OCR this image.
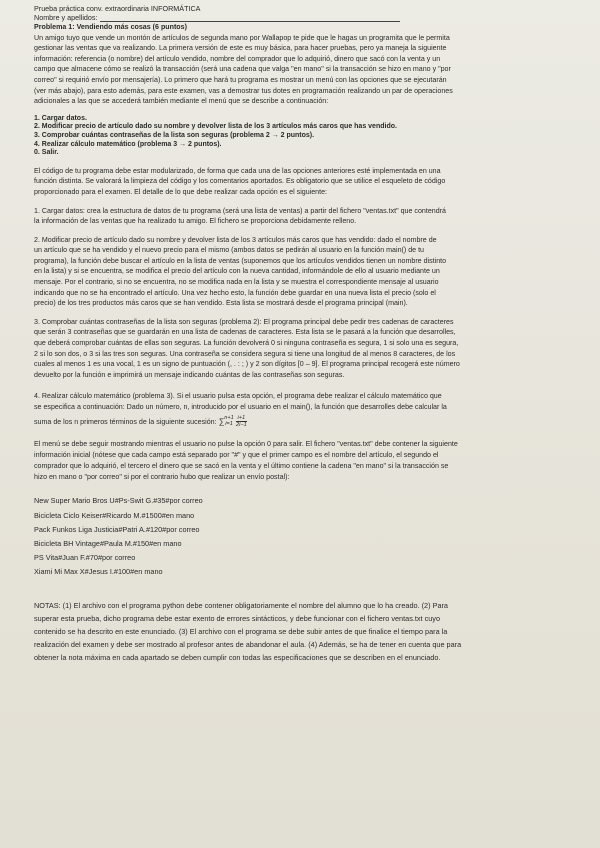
Prueba práctica conv. extraordinaria INFORMÁTICA

Nombre y apellidos:

Problema 1: Vendiendo más cosas (6 puntos)

Un amigo tuyo que vende un montón de artículos de segunda mano por Wallapop te pide que le hagas un programita que le permita

gestionar las ventas que va realizando. La primera versión de este es muy básica, para hacer pruebas, pero ya maneja la siguiente

información: referencia (o nombre) del artículo vendido, nombre del comprador que lo adquirió, dinero que sacó con la venta y un

campo que almacene cómo se realizó la transacción (será una cadena que valga "en mano" si la transacción se hizo en mano y "por

correo" si requirió envío por mensajería). Lo primero que hará tu programa es mostrar un menú con las opciones que se ejecutarán

(ver más abajo), para esto además, para este examen, vas a demostrar tus dotes en programación realizando un par de operaciones

adicionales a las que se accederá también mediante el menú que se describe a continuación:

1. Cargar datos.

2. Modificar precio de artículo dado su nombre y devolver lista de los 3 artículos más caros que has vendido.

3. Comprobar cuántas contraseñas de la lista son seguras (problema 2 → 2 puntos).

4. Realizar cálculo matemático (problema 3 → 2 puntos).

0. Salir.

El código de tu programa debe estar modularizado, de forma que cada una de las opciones anteriores esté implementada en una

función distinta. Se valorará la limpieza del código y los comentarios aportados. Es obligatorio que se utilice el esqueleto de código

proporcionado para el examen. El detalle de lo que debe realizar cada opción es el siguiente:

1. Cargar datos: crea la estructura de datos de tu programa (será una lista de ventas) a partir del fichero "ventas.txt" que contendrá

la información de las ventas que ha realizado tu amigo. El fichero se proporciona debidamente relleno.

2. Modificar precio de artículo dado su nombre y devolver lista de los 3 artículos más caros que has vendido: dado el nombre de

un artículo que se ha vendido y el nuevo precio para el mismo (ambos datos se pedirán al usuario en la función main() de tu

programa), la función debe buscar el artículo en la lista de ventas (suponemos que los artículos vendidos tienen un nombre distinto

en la lista) y si se encuentra, se modifica el precio del artículo con la nueva cantidad, informándole de ello al usuario mediante un

mensaje. Por el contrario, si no se encuentra, no se modifica nada en la lista y se muestra el correspondiente mensaje al usuario

indicando que no se ha encontrado el artículo. Una vez hecho esto, la función debe guardar en una nueva lista el precio (solo el

precio) de los tres productos más caros que se han vendido. Esta lista se mostrará desde el programa principal (main).

3. Comprobar cuántas contraseñas de la lista son seguras (problema 2): El programa principal debe pedir tres cadenas de caracteres

que serán 3 contraseñas que se guardarán en una lista de cadenas de caracteres. Esta lista se le pasará a la función que desarrolles,

que deberá comprobar cuántas de ellas son seguras. La función devolverá 0 si ninguna contraseña es segura, 1 si solo una es segura,

2 si lo son dos, o 3 si las tres son seguras. Una contraseña se considera segura si tiene una longitud de al menos 8 caracteres, de los

cuales al menos 1 es una vocal, 1 es un signo de puntuación (, . : ; ) y 2 son dígitos [0 – 9]. El programa principal recogerá este número

devuelto por la función e imprimirá un mensaje indicando cuántas de las contraseñas son seguras.

4. Realizar cálculo matemático (problema 3). Si el usuario pulsa esta opción, el programa debe realizar el cálculo matemático que

se especifica a continuación: Dado un número, n, introducido por el usuario en el main(), la función que desarrolles debe calcular la

suma de los n primeros términos de la siguiente sucesión: ∑ n+1
i=1
$\frac{i+1}{2i-1}$

El menú se debe seguir mostrando mientras el usuario no pulse la opción 0 para salir. El fichero "ventas.txt" debe contener la siguiente

información inicial (nótese que cada campo está separado por "#" y que el primer campo es el nombre del artículo, el segundo el

comprador que lo adquirió, el tercero el dinero que se sacó en la venta y el último contiene la cadena "en mano" si la transacción se

hizo en mano o "por correo" si por el contrario hubo que realizar un envío postal):

New Super Mario Bros U#Ps-Swit G.#35#por correo

Bicicleta Ciclo Keiser#Ricardo M.#1500#en mano

Pack Funkos Liga Justicia#Patri A.#120#por correo

Bicicleta BH Vintage#Paula M.#150#en mano

PS Vita#Juan F.#70#por correo

Xiami Mi Max X#Jesus I.#100#en mano

NOTAS: (1) El archivo con el programa python debe contener obligatoriamente el nombre del alumno que lo ha creado. (2) Para

superar esta prueba, dicho programa debe estar exento de errores sintácticos, y debe funcionar con el fichero ventas.txt cuyo

contenido se ha descrito en este enunciado. (3) El archivo con el programa se debe subir antes de que finalice el tiempo para la

realización del examen y debe ser mostrado al profesor antes de abandonar el aula. (4) Además, se ha de tener en cuenta que para

obtener la nota máxima en cada apartado se deben cumplir con todas las especificaciones que se describen en el enunciado.
